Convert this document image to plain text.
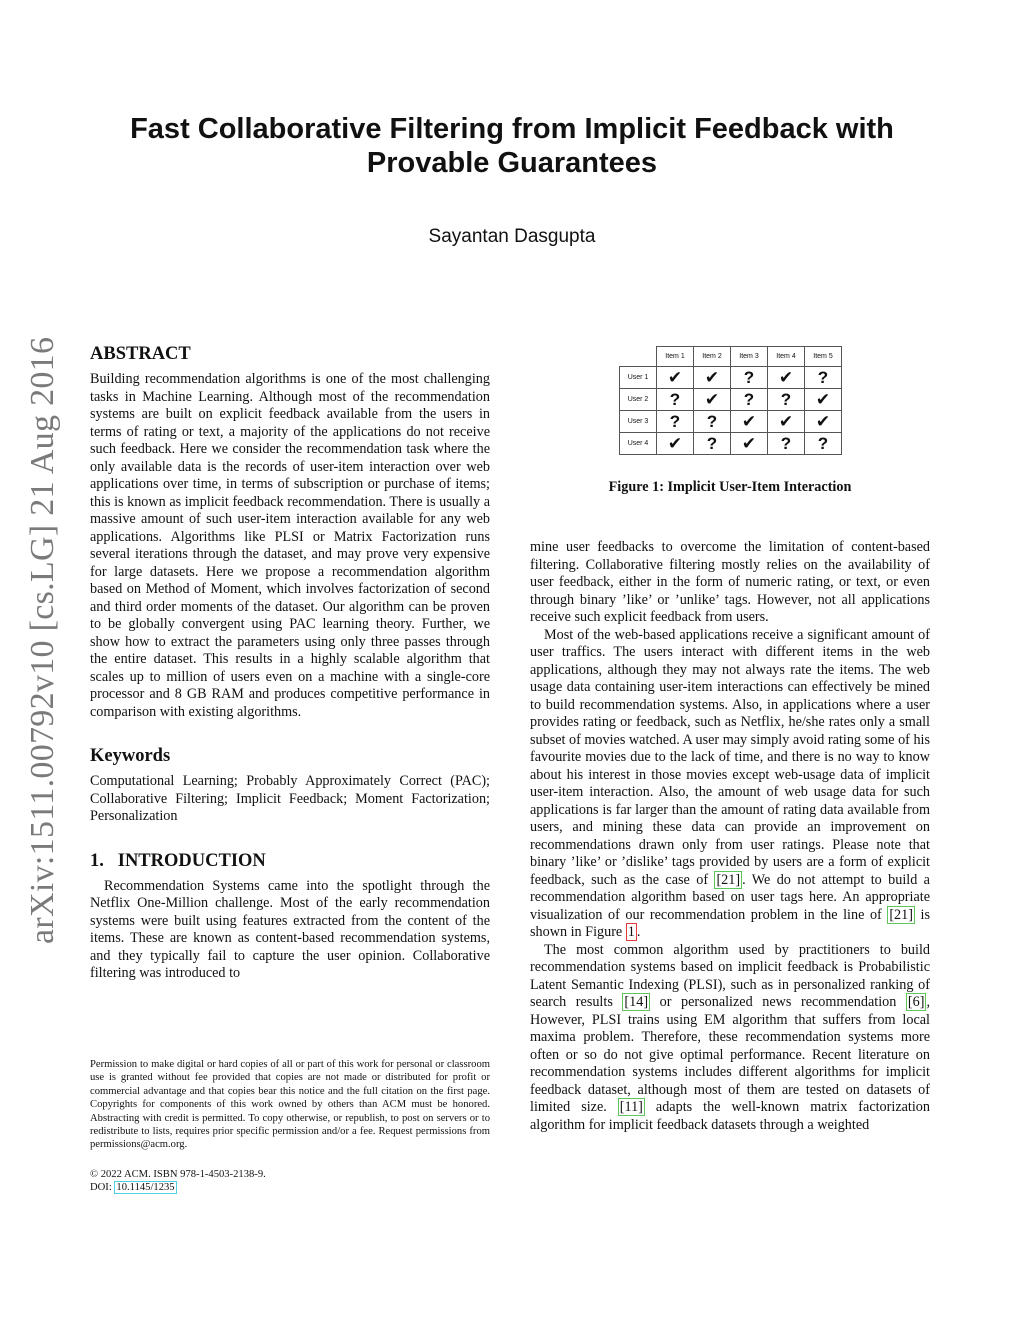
Fast Collaborative Filtering from Implicit Feedback with
Provable Guarantees
Sayantan Dasgupta
arXiv:1511.00792v10 [cs.LG] 21 Aug 2016 ABSTRACT

Building recommendation algorithms is one of the most challenging tasks in Machine Learning. Although most of the recommendation systems are built on explicit feedback available from the users in terms of rating or text, a majority of the applications do not receive such feedback. Here we consider the recommendation task where the only available data is the records of user-item interaction over web applications over time, in terms of subscription or purchase of items; this is known as implicit feedback recommendation. There is usually a massive amount of such user-item interaction available for any web applications. Algorithms like PLSI or Matrix Factorization runs several iterations through the dataset, and may prove very expensive for large datasets. Here we propose a recommendation algorithm based on Method of Moment, which involves factorization of second and third order moments of the dataset. Our algorithm can be proven to be globally convergent using PAC learning theory. Further, we show how to extract the parameters using only three passes through the entire dataset. This results in a highly scalable algorithm that scales up to million of users even on a machine with a single-core processor and 8 GB RAM and produces competitive performance in comparison with existing algorithms.

Keywords

Computational Learning; Probably Approximately Correct (PAC); Collaborative Filtering; Implicit Feedback; Moment Factorization; Personalization

1.   INTRODUCTION

Recommendation Systems came into the spotlight through the Netflix One-Million challenge. Most of the early recommendation systems were built using features extracted from the content of the items. These are known as content-based recommendation systems, and they typically fail to capture the user opinion. Collaborative filtering was introduced to

Permission to make digital or hard copies of all or part of this work for personal or classroom use is granted without fee provided that copies are not made or distributed for profit or commercial advantage and that copies bear this notice and the full citation on the first page. Copyrights for components of this work owned by others than ACM must be honored. Abstracting with credit is permitted. To copy otherwise, or republish, to post on servers or to redistribute to lists, requires prior specific permission and/or a fee. Request permissions from permissions@acm.org.

© 2022 ACM. ISBN 978-1-4503-2138-9.

DOI: 10.1145/1235

	Item 1	Item 2	Item 3	Item 4	Item 5
User 1	✔	✔	?	✔	?
User 2	?	✔	?	?	✔
User 3	?	?	✔	✔	✔
User 4	✔	?	✔	?	?
Figure 1: Implicit User-Item Interaction

mine user feedbacks to overcome the limitation of content-based filtering. Collaborative filtering mostly relies on the availability of user feedback, either in the form of numeric rating, or text, or even through binary ’like’ or ’unlike’ tags. However, not all applications receive such explicit feedback from users.

Most of the web-based applications receive a significant amount of user traffics. The users interact with different items in the web applications, although they may not always rate the items. The web usage data containing user-item interactions can effectively be mined to build recommendation systems. Also, in applications where a user provides rating or feedback, such as Netflix, he/she rates only a small subset of movies watched. A user may simply avoid rating some of his favourite movies due to the lack of time, and there is no way to know about his interest in those movies except web-usage data of implicit user-item interaction. Also, the amount of web usage data for such applications is far larger than the amount of rating data available from users, and mining these data can provide an improvement on recommendations drawn only from user ratings. Please note that binary ’like’ or ’dislike’ tags provided by users are a form of explicit feedback, such as the case of [21] . We do not attempt to build a recommendation algorithm based on user tags here. An appropriate visualization of our recommendation problem in the line of [21] is shown in Figure 1 .

The most common algorithm used by practitioners to build recommendation systems based on implicit feedback is Probabilistic Latent Semantic Indexing (PLSI), such as in personalized ranking of search results [14] or personalized news recommendation [6] , However, PLSI trains using EM algorithm that suffers from local maxima problem. Therefore, these recommendation systems more often or so do not give optimal performance. Recent literature on recommendation systems includes different algorithms for implicit feedback dataset, although most of them are tested on datasets of limited size. [11] adapts the well-known matrix factorization algorithm for implicit feedback datasets through a weighted
